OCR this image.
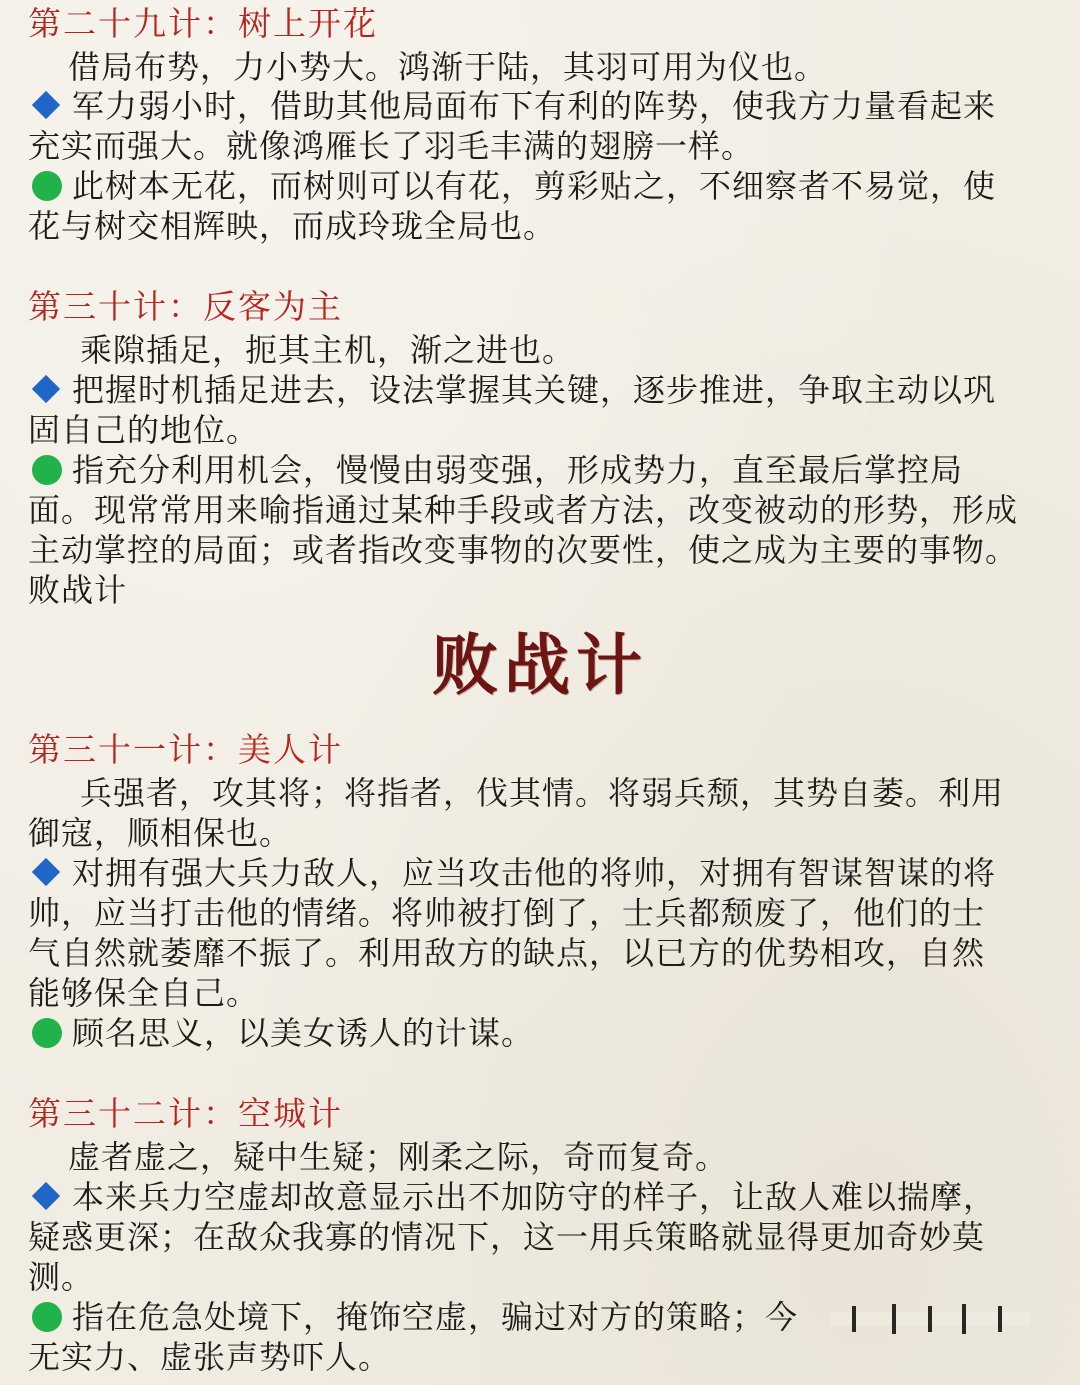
第二十九计：树上开花
借局布势，力小势大。鸿渐于陆，其羽可用为仪也。
军力弱小时，借助其他局面布下有利的阵势，使我方力量看起来
充实而强大。就像鸿雁长了羽毛丰满的翅膀一样。
此树本无花，而树则可以有花，剪彩贴之，不细察者不易觉，使
花与树交相辉映，而成玲珑全局也。
第三十计：反客为主
乘隙插足，扼其主机，渐之进也。
把握时机插足进去，设法掌握其关键，逐步推进，争取主动以巩
固自己的地位。
指充分利用机会，慢慢由弱变强，形成势力，直至最后掌控局
面。现常常用来喻指通过某种手段或者方法，改变被动的形势，形成
主动掌控的局面；或者指改变事物的次要性，使之成为主要的事物。
败战计
败战计
第三十一计：美人计
兵强者，攻其将；将指者，伐其情。将弱兵颓，其势自萎。利用
御寇，顺相保也。
对拥有强大兵力敌人，应当攻击他的将帅，对拥有智谋智谋的将
帅，应当打击他的情绪。将帅被打倒了，士兵都颓废了，他们的士
气自然就萎靡不振了。利用敌方的缺点，以已方的优势相攻，自然
能够保全自己。
顾名思义，以美女诱人的计谋。
第三十二计：空城计
虚者虚之，疑中生疑；刚柔之际，奇而复奇。
本来兵力空虚却故意显示出不加防守的样子，让敌人难以揣摩，
疑惑更深；在敌众我寡的情况下，这一用兵策略就显得更加奇妙莫
测。
指在危急处境下，掩饰空虚，骗过对方的策略；今
无实力、虚张声势吓人。
